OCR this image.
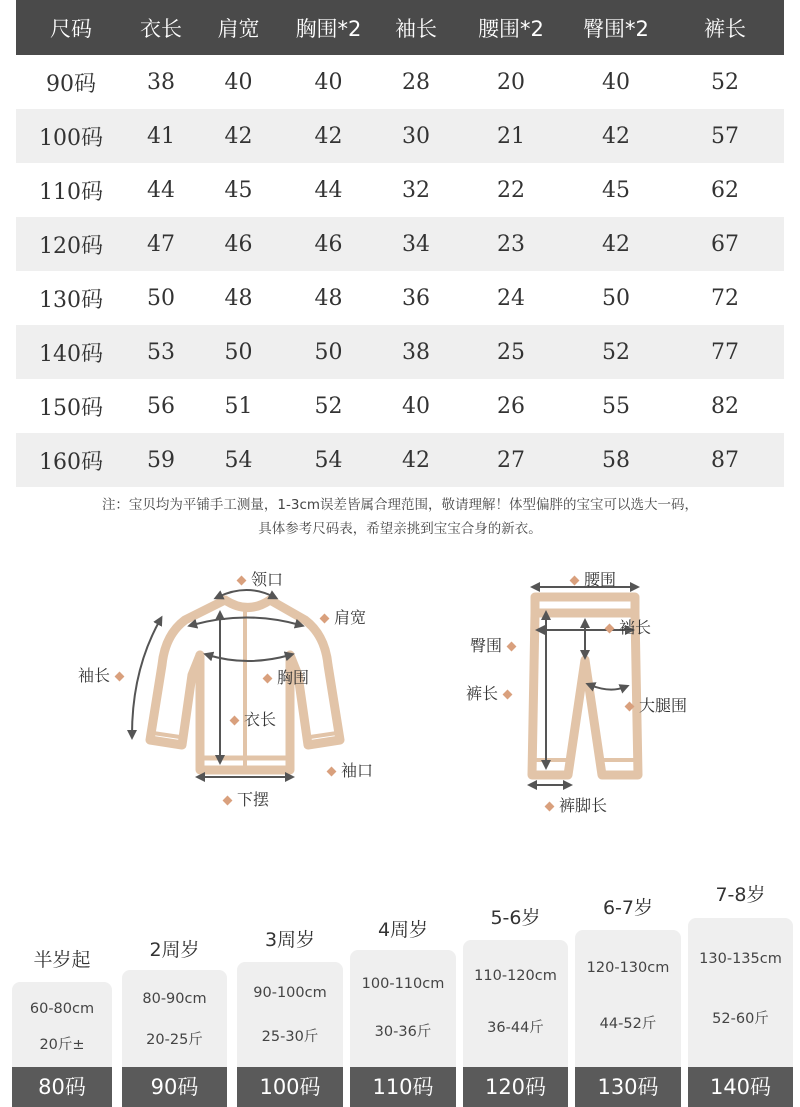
尺码	衣长	肩宽	胸围*2	袖长	腰围*2	臀围*2	裤长
90码	38	40	40	28	20	40	52
100码	41	42	42	30	21	42	57
110码	44	45	44	32	22	45	62
120码	47	46	46	34	23	42	67
130码	50	48	48	36	24	50	72
140码	53	50	50	38	25	52	77
150码	56	51	52	40	26	55	82
160码	59	54	54	42	27	58	87
注：宝贝均为平铺手工测量，1-3cm误差皆属合理范围，敬请理解！体型偏胖的宝宝可以选大一码，
具体参考尺码表，希望亲挑到宝宝合身的新衣。
领口
肩宽
袖长	胸围
衣长
袖口
下摆
腰围
臀围
裆长
裤长
大腿围
裤脚长
半岁起
60-80cm
20斤±
80码
2周岁
80-90cm
20-25斤
90码
3周岁
90-100cm
25-30斤
100码
4周岁
100-110cm
30-36斤
110码
5-6岁
110-120cm
36-44斤
120码
6-7岁
120-130cm
44-52斤
130码
7-8岁
130-135cm
52-60斤
140码
